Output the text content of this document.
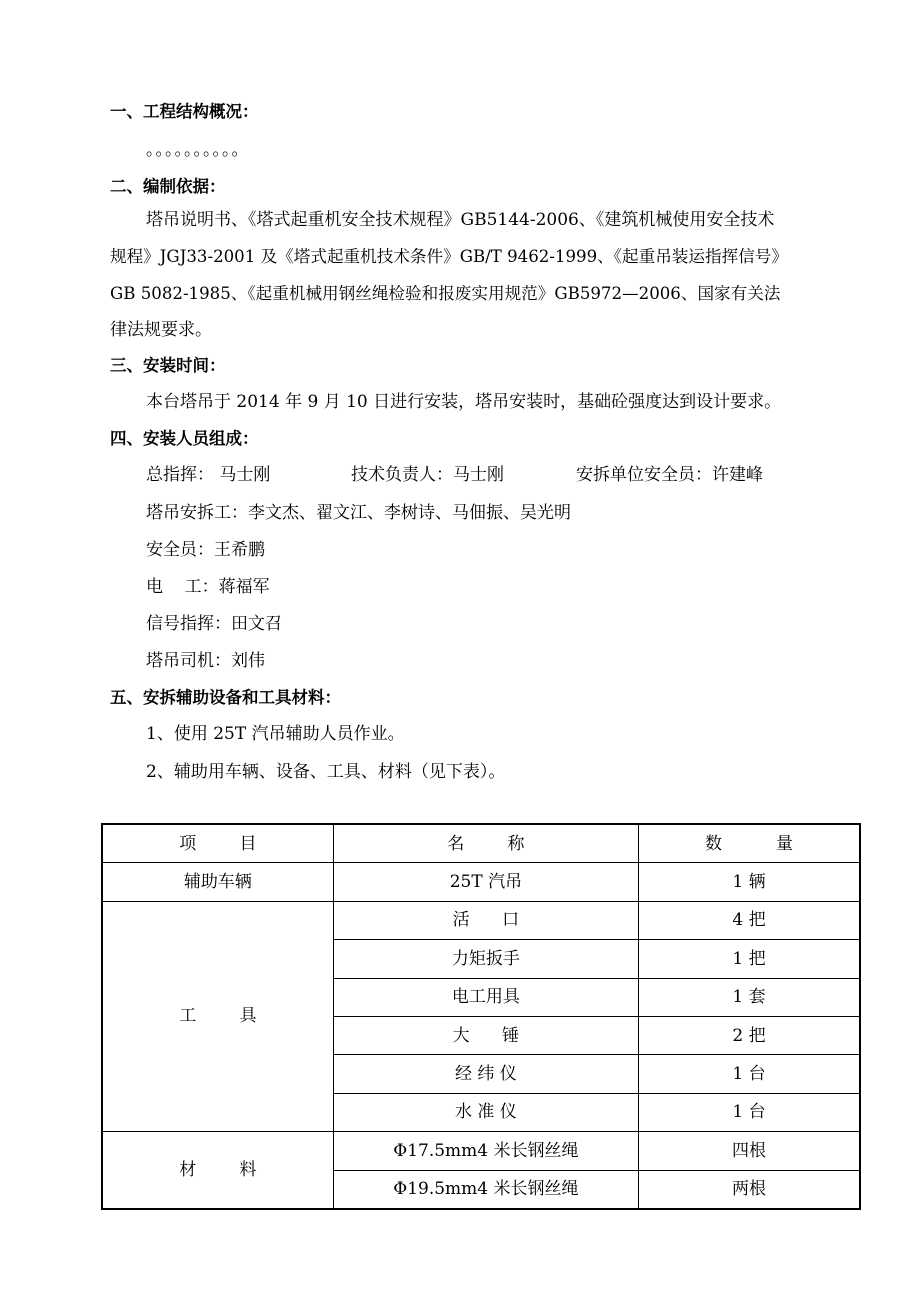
一、工程结构概况：
。。。。。。。。。。
二、编制依据：
塔吊说明书、《塔式起重机安全技术规程》GB5144-2006、《建筑机械使用安全技术
规程》JGJ33-2001 及《塔式起重机技术条件》GB/T 9462-1999、《起重吊装运指挥信号》
GB 5082-1985、《起重机械用钢丝绳检验和报废实用规范》GB5972—2006、国家有关法
律法规要求。
三、安装时间：
本台塔吊于 2014 年 9 月 10 日进行安装，塔吊安装时，基础砼强度达到设计要求。
四、安装人员组成：
总指挥： 马士刚	技术负责人：马士刚	安拆单位安全员：许建峰
塔吊安拆工：李文杰、翟文江、李树诗、马佃振、吴光明
安全员：王希鹏
电    工：蒋福军
信号指挥：田文召
塔吊司机：刘伟
五、安拆辅助设备和工具材料：
1、使用 25T 汽吊辅助人员作业。
2、辅助用车辆、设备、工具、材料（见下表）。
项        目	名        称	数          量
辅助车辆	25T 汽吊	1 辆
工        具	活      口	4 把
	力矩扳手	1 把
	电工用具	1 套
	大      锤	2 把
	经 纬 仪	1 台
	水 准 仪	1 台
材        料	Φ17.5mm4 米长钢丝绳	四根
	Φ19.5mm4 米长钢丝绳	两根
